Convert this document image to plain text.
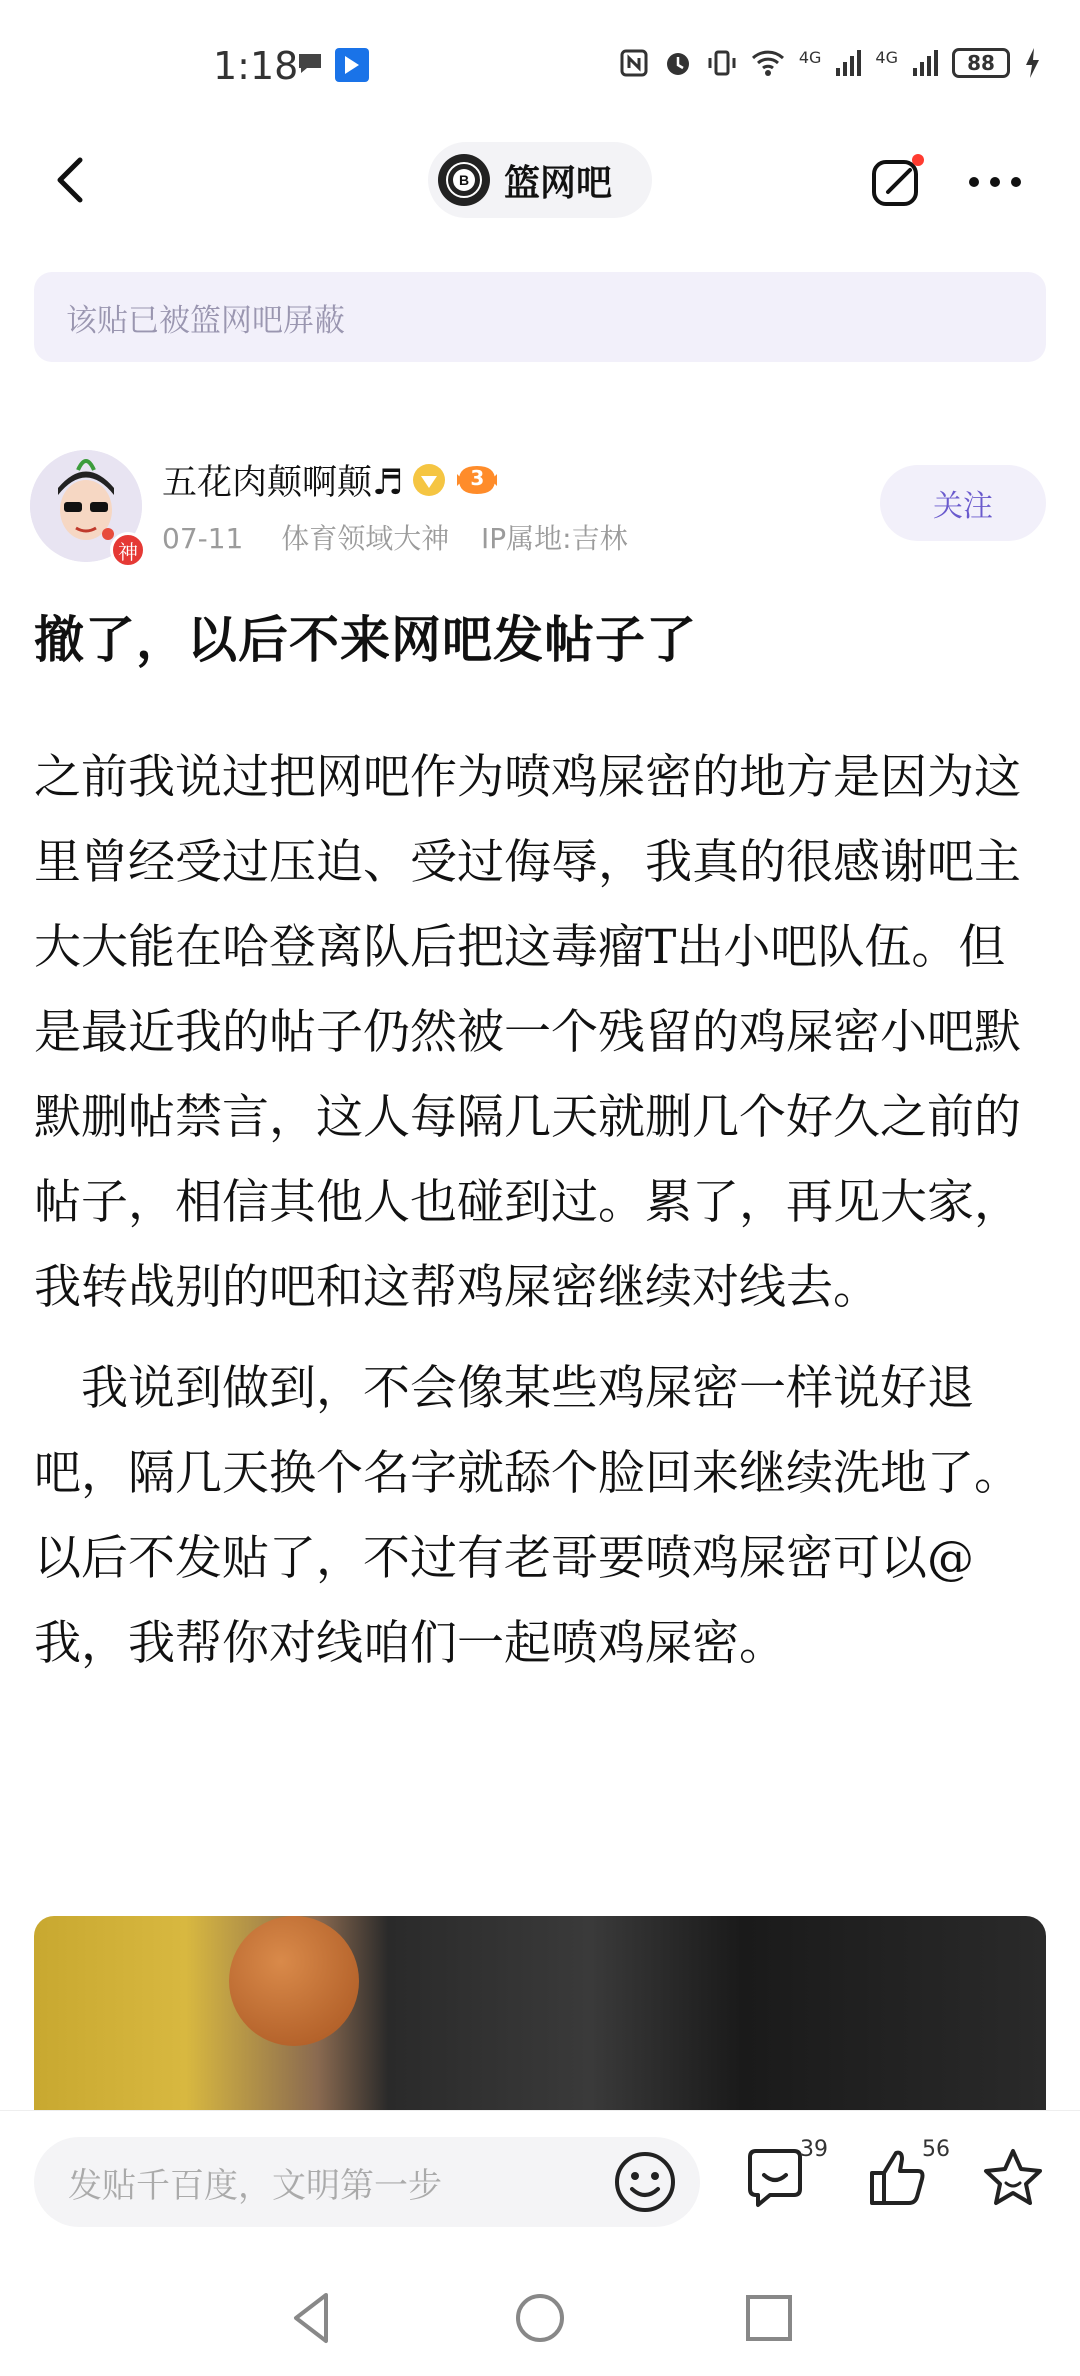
1:18	4G	4G	88
B 篮网吧
该贴已被篮网吧屏蔽
神
五花肉颠啊颠♬	3
07-11 体育领域大神 IP属地:吉林
关注
撤了，以后不来网吧发帖子了

之前我说过把网吧作为喷鸡屎密的地方是因为这里曾经受过压迫、受过侮辱，我真的很感谢吧主大大能在哈登离队后把这毒瘤T出小吧队伍。但是最近我的帖子仍然被一个残留的鸡屎密小吧默默删帖禁言，这人每隔几天就删几个好久之前的帖子，相信其他人也碰到过。累了，再见大家，我转战别的吧和这帮鸡屎密继续对线去。

　我说到做到，不会像某些鸡屎密一样说好退吧，隔几天换个名字就舔个脸回来继续洗地了。以后不发贴了，不过有老哥要喷鸡屎密可以@我，我帮你对线咱们一起喷鸡屎密。

发贴千百度，文明第一步
39	56
